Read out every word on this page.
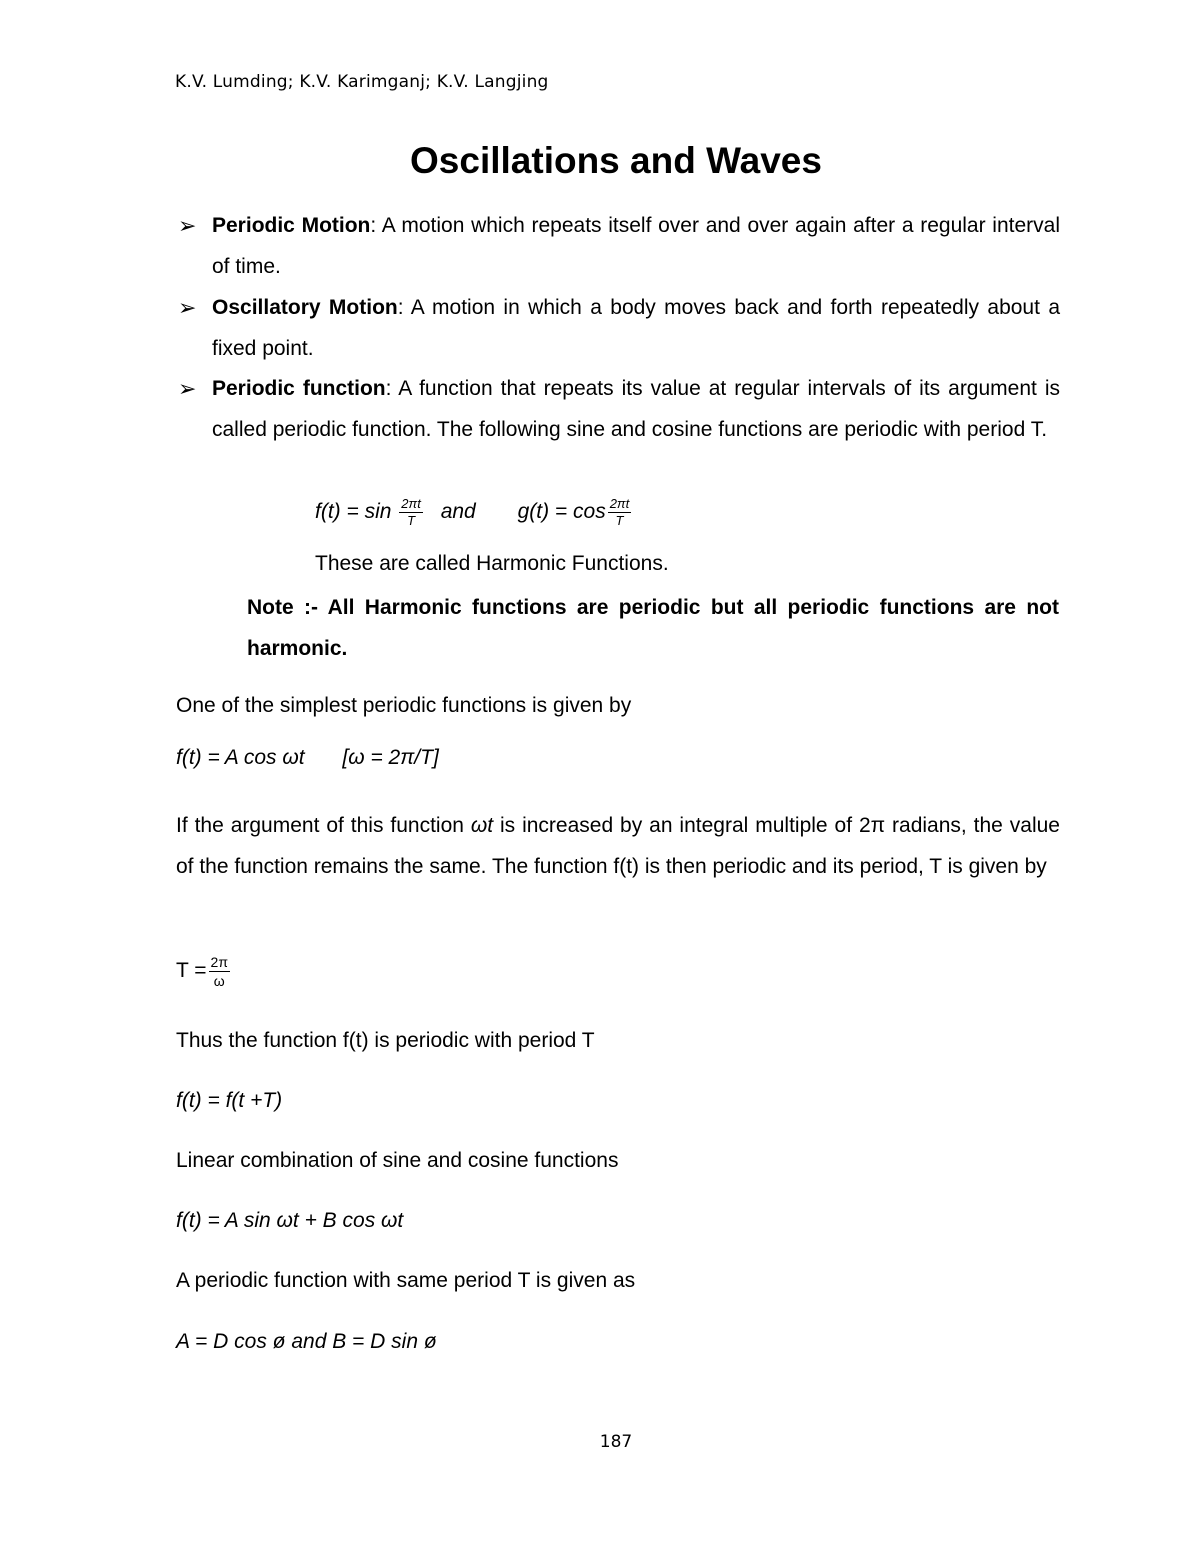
K.V. Lumding; K.V. Karimganj; K.V. Langjing
Oscillations and Waves
➢ Periodic Motion: A motion which repeats itself over and over again after a regular interval of time.
➢ Oscillatory Motion: A motion in which a body moves back and forth repeatedly about a fixed point.
➢ Periodic function: A function that repeats its value at regular intervals of its argument is called periodic function. The following sine and cosine functions are periodic with period T.
$f(t) = \sin \frac{2\pi t}{T}$ and $g(t) = \cos \frac{2\pi t}{T}$

These are called Harmonic Functions.

Note :- All Harmonic functions are periodic but all periodic functions are not harmonic.

One of the simplest periodic functions is given by

f(t) = A cos ωt [ω = 2π/T]

If the argument of this function ωt is increased by an integral multiple of 2π radians, the value of the function remains the same. The function f(t) is then periodic and its period, T is given by

$T = \frac{2\pi}{\omega}$

Thus the function f(t) is periodic with period T

f(t) = f(t +T)

Linear combination of sine and cosine functions

f(t) = A sin ωt + B cos ωt

A periodic function with same period T is given as

A = D cos ø and B = D sin ø

187
